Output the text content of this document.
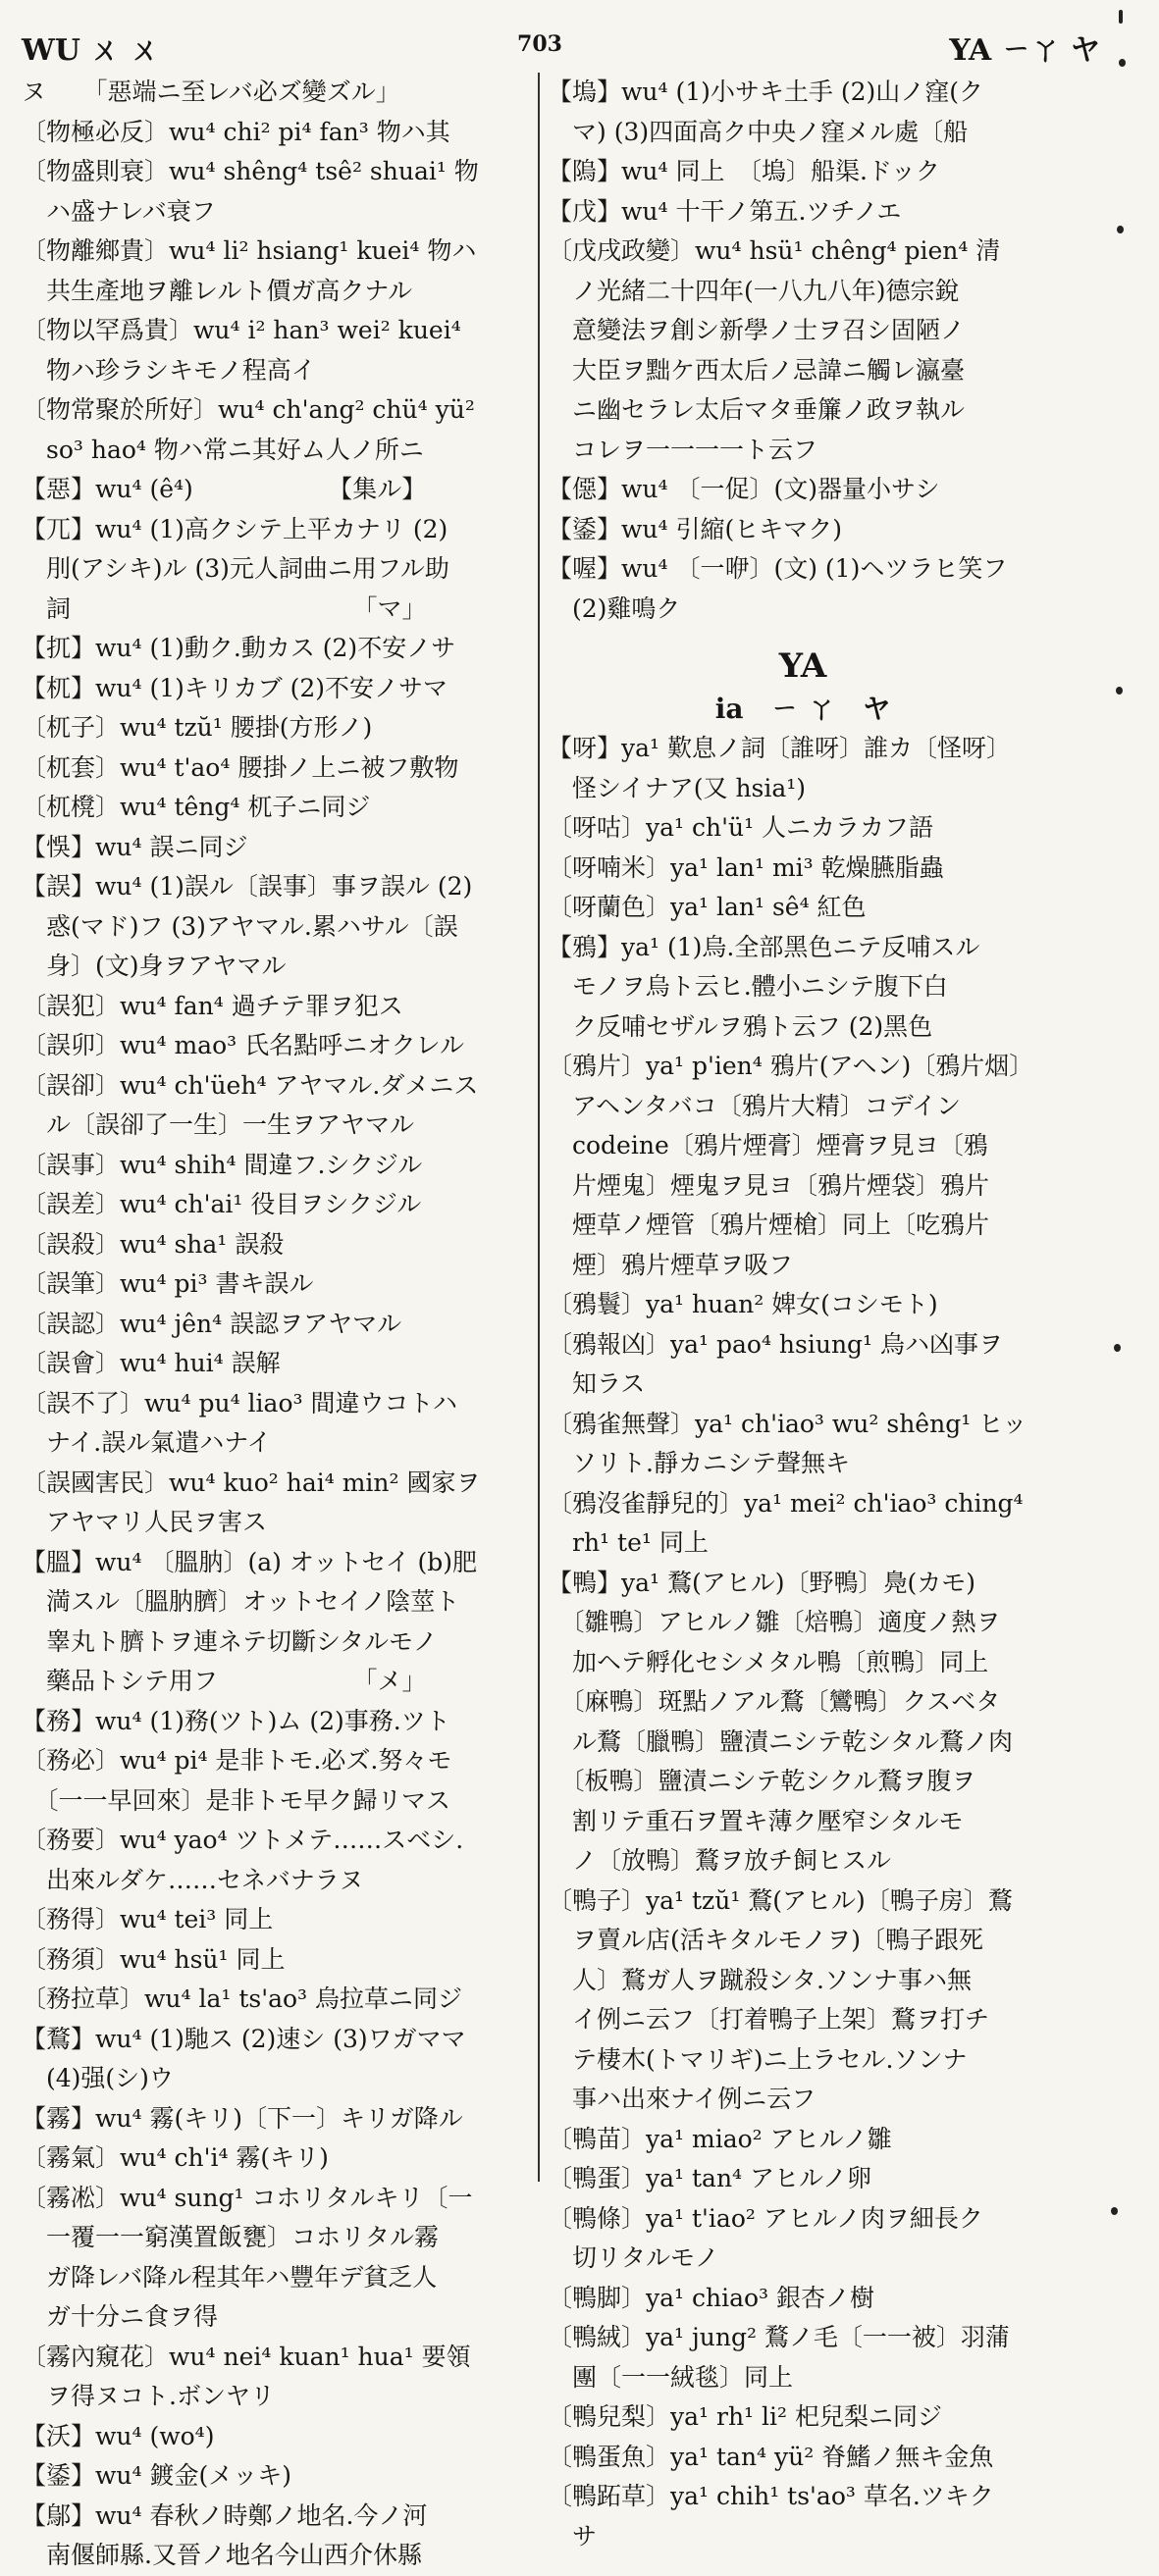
WU ㄨ ㄨ	703	YA ㄧㄚ ヤ
ヌ　　「惡端ニ至レバ必ズ變ズル」
〔物極必反〕wu⁴ chi² pi⁴ fan³ 物ハ其
〔物盛則衰〕wu⁴ shêng⁴ tsê² shuai¹ 物
　ハ盛ナレバ衰フ
〔物離鄉貴〕wu⁴ li² hsiang¹ kuei⁴ 物ハ
　共生產地ヲ離レルト價ガ高クナル
〔物以罕爲貴〕wu⁴ i² han³ wei² kuei⁴
　物ハ珍ラシキモノ程高イ
〔物常聚於所好〕wu⁴ ch'ang² chü⁴ yü²
　so³ hao⁴ 物ハ常ニ其好ム人ノ所ニ
【惡】wu⁴ (ê⁴)　　　　　　【集ル】
【兀】wu⁴ (1)高クシテ上平カナリ (2)
　刖(アシキ)ル (3)元人詞曲ニ用フル助
　詞　　　　　　　　　　　　「マ」
【扤】wu⁴ (1)動ク.動カス (2)不安ノサ
【杌】wu⁴ (1)キリカブ (2)不安ノサマ
〔杌子〕wu⁴ tzŭ¹ 腰掛(方形ノ)
〔杌套〕wu⁴ t'ao⁴ 腰掛ノ上ニ被フ敷物
〔杌櫈〕wu⁴ têng⁴ 杌子ニ同ジ
【悞】wu⁴ 誤ニ同ジ
【誤】wu⁴ (1)誤ル〔誤事〕事ヲ誤ル (2)
　惑(マド)フ (3)アヤマル.累ハサル〔誤
　身〕(文)身ヲアヤマル
〔誤犯〕wu⁴ fan⁴ 過チテ罪ヲ犯ス
〔誤卯〕wu⁴ mao³ 氏名點呼ニオクレル
〔誤卻〕wu⁴ ch'üeh⁴ アヤマル.ダメニス
　ル〔誤卻了一生〕一生ヲアヤマル
〔誤事〕wu⁴ shih⁴ 間違フ.シクジル
〔誤差〕wu⁴ ch'ai¹ 役目ヲシクジル
〔誤殺〕wu⁴ sha¹ 誤殺
〔誤筆〕wu⁴ pi³ 書キ誤ル
〔誤認〕wu⁴ jên⁴ 誤認ヲアヤマル
〔誤會〕wu⁴ hui⁴ 誤解
〔誤不了〕wu⁴ pu⁴ liao³ 間違ウコトハ
　ナイ.誤ル氣遣ハナイ
〔誤國害民〕wu⁴ kuo² hai⁴ min² 國家ヲ
　アヤマリ人民ヲ害ス
【膃】wu⁴ 〔膃肭〕(a) オットセイ (b)肥
　満スル〔膃肭臍〕オットセイノ陰莖ト
　睾丸ト臍トヲ連ネテ切斷シタルモノ
　藥品トシテ用フ　　　　　　「メ」
【務】wu⁴ (1)務(ツト)ム (2)事務.ツト
〔務必〕wu⁴ pi⁴ 是非トモ.必ズ.努々モ
　〔一一早回來〕是非トモ早ク歸リマス
〔務要〕wu⁴ yao⁴ ツトメテ……スベシ.
　出來ルダケ……セネバナラヌ
〔務得〕wu⁴ tei³ 同上
〔務須〕wu⁴ hsü¹ 同上
〔務拉草〕wu⁴ la¹ ts'ao³ 烏拉草ニ同ジ
【鶩】wu⁴ (1)馳ス (2)速シ (3)ワガママ
　(4)强(シ)ウ
【霧】wu⁴ 霧(キリ)〔下一〕キリガ降ル
〔霧氣〕wu⁴ ch'i⁴ 霧(キリ)
〔霧凇〕wu⁴ sung¹ コホリタルキリ〔一
　一覆一一窮漢置飯甕〕コホリタル霧
　ガ降レバ降ル程其年ハ豐年デ貧乏人
　ガ十分ニ食ヲ得
〔霧內窺花〕wu⁴ nei⁴ kuan¹ hua¹ 要領
　ヲ得ヌコト.ボンヤリ
【沃】wu⁴ (wo⁴)
【鋈】wu⁴ 鍍金(メッキ)
【鄔】wu⁴ 春秋ノ時鄭ノ地名.今ノ河
　南偃師縣.又晉ノ地名今山西介休縣
【塢】wu⁴ (1)小サキ土手 (2)山ノ窪(ク
　マ) (3)四面高ク中央ノ窪メル處〔船
【隖】wu⁴ 同上　〔塢〕船渠.ドック
【戊】wu⁴ 十干ノ第五.ツチノエ
〔戊戌政變〕wu⁴ hsü¹ chêng⁴ pien⁴ 清
　ノ光緒二十四年(一八九八年)德宗銳
　意變法ヲ創シ新學ノ士ヲ召シ固陋ノ
　大臣ヲ黜ケ西太后ノ忌諱ニ觸レ瀛臺
　ニ幽セラレ太后マタ垂簾ノ政ヲ執ル
　コレヲ一一一一ト云フ
【僫】wu⁴ 〔一促〕(文)器量小サシ
【鋈】wu⁴ 引縮(ヒキマク)
【喔】wu⁴ 〔一咿〕(文) (1)ヘツラヒ笑フ
　(2)雞鳴ク
YA
ia　ㄧ ㄚ　ヤ
【呀】ya¹ 歎息ノ詞〔誰呀〕誰カ〔怪呀〕
　怪シイナア(又 hsia¹)
〔呀咕〕ya¹ ch'ü¹ 人ニカラカフ語
〔呀喃米〕ya¹ lan¹ mi³ 乾燥臙脂蟲
〔呀蘭色〕ya¹ lan¹ sê⁴ 紅色
【鴉】ya¹ (1)烏.全部黑色ニテ反哺スル
　モノヲ烏ト云ヒ.體小ニシテ腹下白
　ク反哺セザルヲ鴉ト云フ (2)黑色
〔鴉片〕ya¹ p'ien⁴ 鴉片(アヘン)〔鴉片烟〕
　アヘンタバコ〔鴉片大精〕コデイン
　codeine〔鴉片煙膏〕煙膏ヲ見ヨ〔鴉
　片煙鬼〕煙鬼ヲ見ヨ〔鴉片煙袋〕鴉片
　煙草ノ煙管〔鴉片煙槍〕同上〔吃鴉片
　煙〕鴉片煙草ヲ吸フ
〔鴉鬟〕ya¹ huan² 婢女(コシモト)
〔鴉報凶〕ya¹ pao⁴ hsiung¹ 烏ハ凶事ヲ
　知ラス
〔鴉雀無聲〕ya¹ ch'iao³ wu² shêng¹ ヒッ
　ソリト.靜カニシテ聲無キ
〔鴉沒雀靜兒的〕ya¹ mei² ch'iao³ ching⁴
　rh¹ te¹ 同上
【鴨】ya¹ 鶩(アヒル)〔野鴨〕鳧(カモ)
　〔雛鴨〕アヒルノ雛〔焙鴨〕適度ノ熱ヲ
　加ヘテ孵化セシメタル鴨〔煎鴨〕同上
　〔麻鴨〕斑點ノアル鶩〔鸞鴨〕クスベタ
　ル鶩〔臘鴨〕鹽漬ニシテ乾シタル鶩ノ肉
　〔板鴨〕鹽漬ニシテ乾シクル鶩ヲ腹ヲ
　割リテ重石ヲ置キ薄ク壓窄シタルモ
　ノ〔放鴨〕鶩ヲ放チ飼ヒスル
〔鴨子〕ya¹ tzŭ¹ 鶩(アヒル)〔鴨子房〕鶩
　ヲ賣ル店(活キタルモノヲ)〔鴨子跟死
　人〕鶩ガ人ヲ蹴殺シタ.ソンナ事ハ無
　イ例ニ云フ〔打着鴨子上架〕鶩ヲ打チ
　テ棲木(トマリギ)ニ上ラセル.ソンナ
　事ハ出來ナイ例ニ云フ
〔鴨苗〕ya¹ miao² アヒルノ雛
〔鴨蛋〕ya¹ tan⁴ アヒルノ卵
〔鴨條〕ya¹ t'iao² アヒルノ肉ヲ細長ク
　切リタルモノ
〔鴨脚〕ya¹ chiao³ 銀杏ノ樹
〔鴨絨〕ya¹ jung² 鶩ノ毛〔一一被〕羽蒲
　團〔一一絨毯〕同上
〔鴨兒梨〕ya¹ rh¹ li² 𣏌兒梨ニ同ジ
〔鴨蛋魚〕ya¹ tan⁴ yü² 脊鰭ノ無キ金魚
〔鴨跖草〕ya¹ chih¹ ts'ao³ 草名.ツキク
　サ
